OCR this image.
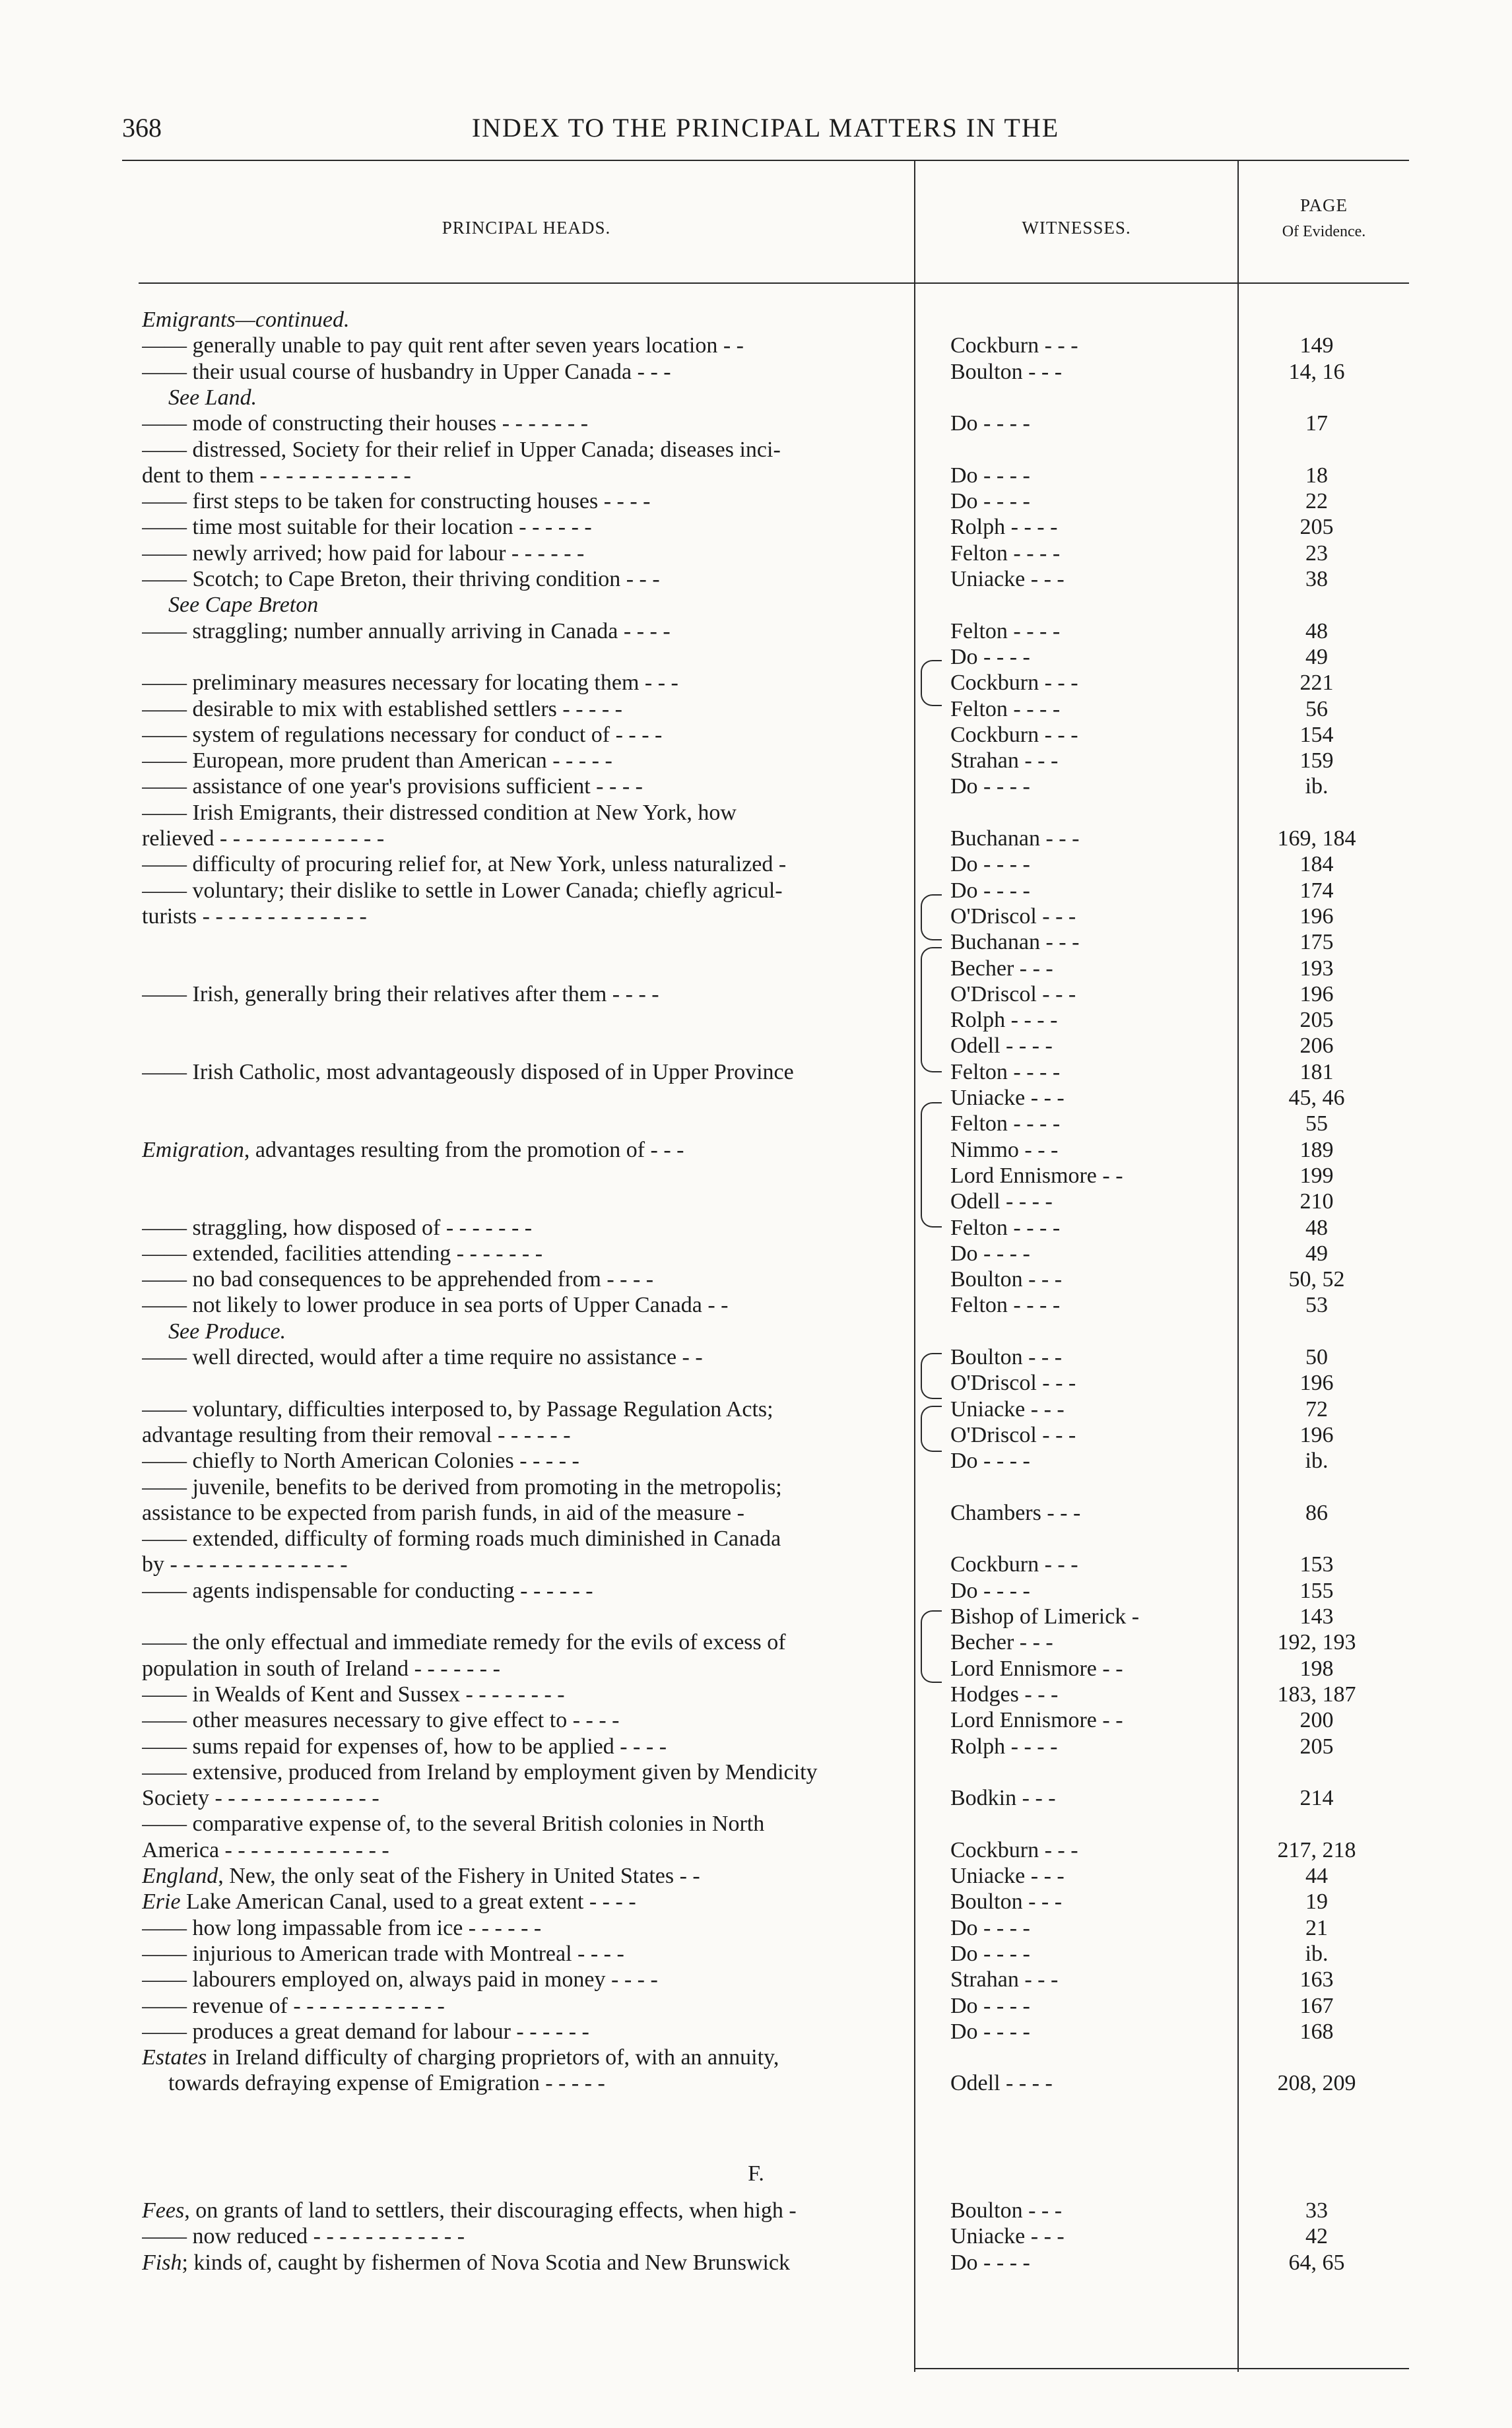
368	INDEX TO THE PRINCIPAL MATTERS IN THE
PRINCIPAL HEADS.	WITNESSES.
PAGE
Of Evidence.
Emigrants—continued.
—— generally unable to pay quit rent after seven years location - -	Cockburn - - -	149
—— their usual course of husbandry in Upper Canada - - -	Boulton - - -	14, 16
See Land.
—— mode of constructing their houses - - - - - - -	Do - - - -	17
—— distressed, Society for their relief in Upper Canada; diseases inci-
dent to them - - - - - - - - - - - -	Do - - - -	18
—— first steps to be taken for constructing houses - - - -	Do - - - -	22
—— time most suitable for their location - - - - - -	Rolph - - - -	205
—— newly arrived; how paid for labour - - - - - -	Felton - - - -	23
—— Scotch; to Cape Breton, their thriving condition - - -	Uniacke - - -	38
See Cape Breton
—— straggling; number annually arriving in Canada - - - -	Felton - - - -	48
Do - - - -	49
—— preliminary measures necessary for locating them - - -	Cockburn - - -	221
—— desirable to mix with established settlers - - - - -	Felton - - - -	56
—— system of regulations necessary for conduct of - - - -	Cockburn - - -	154
—— European, more prudent than American - - - - -	Strahan - - -	159
—— assistance of one year's provisions sufficient - - - -	Do - - - -	ib.
—— Irish Emigrants, their distressed condition at New York, how
relieved - - - - - - - - - - - - -	Buchanan - - -	169, 184
—— difficulty of procuring relief for, at New York, unless naturalized -	Do - - - -	184
—— voluntary; their dislike to settle in Lower Canada; chiefly agricul-	Do - - - -	174
turists - - - - - - - - - - - - -	O'Driscol - - -	196
Buchanan - - -	175
Becher - - -	193
—— Irish, generally bring their relatives after them - - - -	O'Driscol - - -	196
Rolph - - - -	205
Odell - - - -	206
—— Irish Catholic, most advantageously disposed of in Upper Province	Felton - - - -	181
Uniacke - - -	45, 46
Felton - - - -	55
Emigration, advantages resulting from the promotion of - - -	Nimmo - - -	189
Lord Ennismore - -	199
Odell - - - -	210
—— straggling, how disposed of - - - - - - -	Felton - - - -	48
—— extended, facilities attending - - - - - - -	Do - - - -	49
—— no bad consequences to be apprehended from - - - -	Boulton - - -	50, 52
—— not likely to lower produce in sea ports of Upper Canada - -	Felton - - - -	53
See Produce.
—— well directed, would after a time require no assistance - -	Boulton - - -	50
O'Driscol - - -	196
—— voluntary, difficulties interposed to, by Passage Regulation Acts;	Uniacke - - -	72
advantage resulting from their removal - - - - - -	O'Driscol - - -	196
—— chiefly to North American Colonies - - - - -	Do - - - -	ib.
—— juvenile, benefits to be derived from promoting in the metropolis;
assistance to be expected from parish funds, in aid of the measure -	Chambers - - -	86
—— extended, difficulty of forming roads much diminished in Canada
by - - - - - - - - - - - - - -	Cockburn - - -	153
—— agents indispensable for conducting - - - - - -	Do - - - -	155
Bishop of Limerick -	143
—— the only effectual and immediate remedy for the evils of excess of	Becher - - -	192, 193
population in south of Ireland - - - - - - -	Lord Ennismore - -	198
—— in Wealds of Kent and Sussex - - - - - - - -	Hodges - - -	183, 187
—— other measures necessary to give effect to - - - -	Lord Ennismore - -	200
—— sums repaid for expenses of, how to be applied - - - -	Rolph - - - -	205
—— extensive, produced from Ireland by employment given by Mendicity
Society - - - - - - - - - - - - -	Bodkin - - -	214
—— comparative expense of, to the several British colonies in North
America - - - - - - - - - - - - -	Cockburn - - -	217, 218
England, New, the only seat of the Fishery in United States - -	Uniacke - - -	44
Erie Lake American Canal, used to a great extent - - - -	Boulton - - -	19
—— how long impassable from ice - - - - - -	Do - - - -	21
—— injurious to American trade with Montreal - - - -	Do - - - -	ib.
—— labourers employed on, always paid in money - - - -	Strahan - - -	163
—— revenue of - - - - - - - - - - - -	Do - - - -	167
—— produces a great demand for labour - - - - - -	Do - - - -	168
Estates in Ireland difficulty of charging proprietors of, with an annuity,
towards defraying expense of Emigration - - - - -	Odell - - - -	208, 209
F.
Fees, on grants of land to settlers, their discouraging effects, when high -	Boulton - - -	33
—— now reduced - - - - - - - - - - - -	Uniacke - - -	42
Fish; kinds of, caught by fishermen of Nova Scotia and New Brunswick	Do - - - -	64, 65
